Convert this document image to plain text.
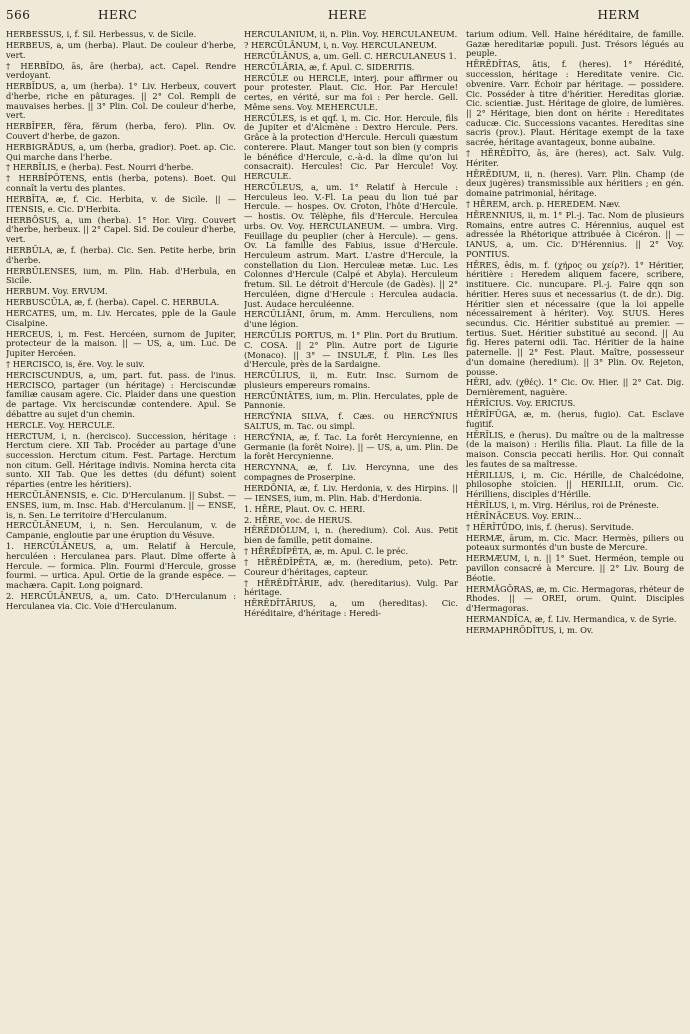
566	HERC	HERE	HERM

HERBESSUS, i, f. Sil. Herbessus, v. de Sicile.

HERBEUS, a, um (herba). Plaut. De couleur d'herbe, vert.

† HERBĬDO, ās, āre (herba), act. Capel. Rendre verdoyant.

HERBĬDUS, a, um (herba). 1° Liv. Herbeux, couvert d'herbe, riche en pâturages. || 2° Col. Rempli de mauvaises herbes. || 3° Plin. Col. De couleur d'herbe, vert.

HERBĬFER, fĕra, fĕrum (herba, fero). Plin. Ov. Couvert d'herbe, de gazon.

HERBIGRĂDUS, a, um (herba, gradior). Poet. ap. Cic. Qui marche dans l'herbe.

† HERBĬLIS, e (herba). Fest. Nourri d'herbe.

† HERBĬPŎTENS, entis (herba, potens). Boet. Qui connaît la vertu des plantes.

HERBĬTA, æ, f. Cic. Herbita, v. de Sicile. || — ITENSIS, e. Cic. D'Herbita.

HERBŌSUS, a, um (herba). 1° Hor. Virg. Couvert d'herbe, herbeux. || 2° Capel. Sid. De couleur d'herbe, vert.

HERBŬLA, æ, f. (herba). Cic. Sen. Petite herbe, brin d'herbe.

HERBŬLENSES, ium, m. Plin. Hab. d'Herbula, en Sicile.

HERBUM. Voy. ERVUM.

HERBUSCŬLA, æ, f. (herba). Capel. C. HERBULA.

HERCATES, um, m. Liv. Hercates, pple de la Gaule Cisalpine.

HERCEUS, i, m. Fest. Hercéen, surnom de Jupiter, protecteur de la maison. || — US, a, um. Luc. De Jupiter Hercéen.

† HERCISCO, is, ĕre. Voy. le suiv.

HERCISCUNDUS, a, um, part. fut. pass. de l'inus. HERCISCO, partager (un héritage) : Herciscundæ familiæ causam agere. Cic. Plaider dans une question de partage. Vix herciscundæ contendere. Apul. Se débattre au sujet d'un chemin.

HERCLE. Voy. HERCULE.

HERCTUM, i, n. (hercisco). Succession, héritage : Herctum ciere. XII Tab. Procéder au partage d'une succession. Herctum citum. Fest. Partage. Herctum non citum. Gell. Héritage indivis. Nomina hercta cita sunto. XII Tab. Que les dettes (du défunt) soient réparties (entre les héritiers).

HERCŬLĀNENSIS, e. Cic. D'Herculanum. || Subst. — ENSES, ium, m. Insc. Hab. d'Herculanum. || — ENSE, is, n. Sen. Le territoire d'Herculanum.

HERCŬLĀNEUM, i, n. Sen. Herculanum, v. de Campanie, engloutie par une éruption du Vésuve.

1. HERCŬLĀNEUS, a, um. Relatif à Hercule, herculéen : Herculanea pars. Plaut. Dîme offerte à Hercule. — formica. Plin. Fourmi d'Hercule, grosse fourmi. — urtica. Apul. Ortie de la grande espèce. — machæra. Capit. Long poignard.

2. HERCŬLĀNEUS, a, um. Cato. D'Herculanum : Herculanea via. Cic. Voie d'Herculanum.

HERCŬLĀNIUM, ii, n. Plin. Voy. HERCULANEUM.

? HERCŬLĀNUM, i, n. Voy. HERCULANEUM.

HERCŬLĀNUS, a, um. Gell. C. HERCULANEUS 1.

HERCŬLĀRIA, æ, f. Apul. C. SIDERITIS.

HERCŬLE ou HERCLE, interj. pour affirmer ou pour protester. Plaut. Cic. Hor. Par Hercule! certes, en vérité, sur ma foi : Per hercle. Gell. Même sens. Voy. MEHERCULE.

HERCŬLES, is et qqf. i, m. Cic. Hor. Hercule, fils de Jupiter et d'Alcmène : Dextro Hercule. Pers. Grâce à la protection d'Hercule. Herculi quæstum conterere. Plaut. Manger tout son bien (y compris le bénéfice d'Hercule, c.-à-d. la dîme qu'on lui consacrait). Hercules! Cic. Par Hercule! Voy. HERCULE.

HERCŬLEUS, a, um. 1° Relatif à Hercule : Herculeus leo. V.-Fl. La peau du lion tué par Hercule. — hospes. Ov. Croton, l'hôte d'Hercule. — hostis. Ov. Télèphe, fils d'Hercule. Herculea urbs. Ov. Voy. HERCULANEUM. — umbra. Virg. Feuillage du peuplier (cher à Hercule). — gens. Ov. La famille des Fabius, issue d'Hercule. Herculeum astrum. Mart. L'astre d'Hercule, la constellation du Lion. Herculeæ metæ. Luc. Les Colonnes d'Hercule (Calpé et Abyla). Herculeum fretum. Sil. Le détroit d'Hercule (de Gadès). || 2° Herculéen, digne d'Hercule : Herculea audacia. Just. Audace herculéenne.

HERCŬLIĀNI, ōrum, m. Amm. Herculiens, nom d'une légion.

HERCŬLIS PORTUS, m. 1° Plin. Port du Brutium. C. COSA. || 2° Plin. Autre port de Ligurie (Monaco). || 3° — INSULÆ, f. Plin. Les îles d'Hercule, près de la Sardaigne.

HERCŬLIUS, ii, m. Eutr. Insc. Surnom de plusieurs empereurs romains.

HERCŬNIĀTES, ium, m. Plin. Herculates, pple de Pannonie.

HERCY̆NIA SILVA, f. Cæs. ou HERCY̆NIUS SALTUS, m. Tac. ou simpl.

HERCY̆NIA, æ, f. Tac. La forêt Hercynienne, en Germanie (la forêt Noire). || — US, a, um. Plin. De la forêt Hercynienne.

HERCYNNA, æ, f. Liv. Hercynna, une des compagnes de Proserpine.

HERDŌNIA, æ, f. Liv. Herdonia, v. des Hirpins. || — IENSES, ium, m. Plin. Hab. d'Herdonia.

1. HĒRE, Plaut. Ov. C. HERI.

2. HĒRE, voc. de HERUS.

HĒRĔDIŎLUM, i, n. (heredium). Col. Aus. Petit bien de famille, petit domaine.

† HĒRĔDĬPĔTA, æ, m. Apul. C. le préc.

† HĒRĔDĬPĔTA, æ, m. (heredium, peto). Petr. Coureur d'héritages, capteur.

† HĒRĔDĬTĀRIE, adv. (hereditarius). Vulg. Par héritage.

HĒRĔDĬTĀRIUS, a, um (hereditas). Cic. Héréditaire, d'héritage : Heredi-

tarium odium. Vell. Haine héréditaire, de famille. Gazæ hereditariæ populi. Just. Trésors légués au peuple.

HĒRĔDĬTAS, ātis, f. (heres). 1° Hérédité, succession, héritage : Hereditate venire. Cic. obvenire. Varr. Échoir par héritage. — possidere. Cic. Posséder à titre d'héritier. Hereditas gloriæ. Cic. scientiæ. Just. Héritage de gloire, de lumières. || 2° Héritage, bien dont on hérite : Hereditates caducæ. Cic. Successions vacantes. Hereditas sine sacris (prov.). Plaut. Héritage exempt de la taxe sacrée, héritage avantageux, bonne aubaine.

† HĒRĔDĬTO, ās, āre (heres), act. Salv. Vulg. Hériter.

HĒRĔDIUM, ii, n. (heres). Varr. Plin. Champ (de deux jugères) transmissible aux héritiers ; en gén. domaine patrimonial, héritage.

† HĒREM, arch. p. HEREDEM. Næv.

HĒRENNIUS, ii, m. 1° Pl.-j. Tac. Nom de plusieurs Romains, entre autres C. Hérennius, auquel est adressée la Rhétorique attribuée à Cicéron. || — IANUS, a, um. Cic. D'Hérennius. || 2° Voy. PONTIUS.

HĒRES, ēdis, m. f. (χήρος ou χείρ?). 1° Héritier, héritière : Heredem aliquem facere, scribere, instituere. Cic. nuncupare. Pl.-j. Faire qqn son héritier. Heres suus et necessarius (t. de dr.). Dig. Héritier sien et nécessaire (que la loi appelle nécessairement à hériter). Voy. SUUS. Heres secundus. Cic. Héritier substitué au premier. — tertius. Suet. Héritier substitué au second. || Au fig. Heres paterni odii. Tac. Héritier de la haine paternelle. || 2° Fest. Plaut. Maître, possesseur d'un domaine (heredium). || 3° Plin. Ov. Rejeton, pousse.

HĔRI, adv. (χθές). 1° Cic. Ov. Hier. || 2° Cat. Dig. Dernièrement, naguère.

HĔRĬCIUS. Voy. ERICIUS.

HĔRĬFŬGA, æ, m. (herus, fugio). Cat. Esclave fugitif.

HĔRĬLIS, e (herus). Du maître ou de la maîtresse (de la maison) : Herilis filia. Plaut. La fille de la maison. Conscia peccati herilis. Hor. Qui connaît les fautes de sa maîtresse.

HĔRILLUS, i, m. Cic. Hérille, de Chalcédoine, philosophe stoïcien. || HERILLII, orum. Cic. Hérilliens, disciples d'Hérille.

HĔRĬLUS, i, m. Virg. Hérilus, roi de Préneste.

HĔRĬNĀCEUS. Voy. ERIN...

† HĔRĬTŪDO, inis, f. (herus). Servitude.

HERMÆ, ārum, m. Cic. Macr. Hermès, piliers ou poteaux surmontés d'un buste de Mercure.

HERMÆUM, i, n. || 1° Suet. Herméon, temple ou pavillon consacré à Mercure. || 2° Liv. Bourg de Béotie.

HERMĂGŎRAS, æ, m. Cic. Hermagoras, rhéteur de Rhodes. || — OREI, orum. Quint. Disciples d'Hermagoras.

HERMANDĬCA, æ, f. Liv. Hermandica, v. de Syrie.

HERMAPHRŎDĪTUS, i, m. Ov.
